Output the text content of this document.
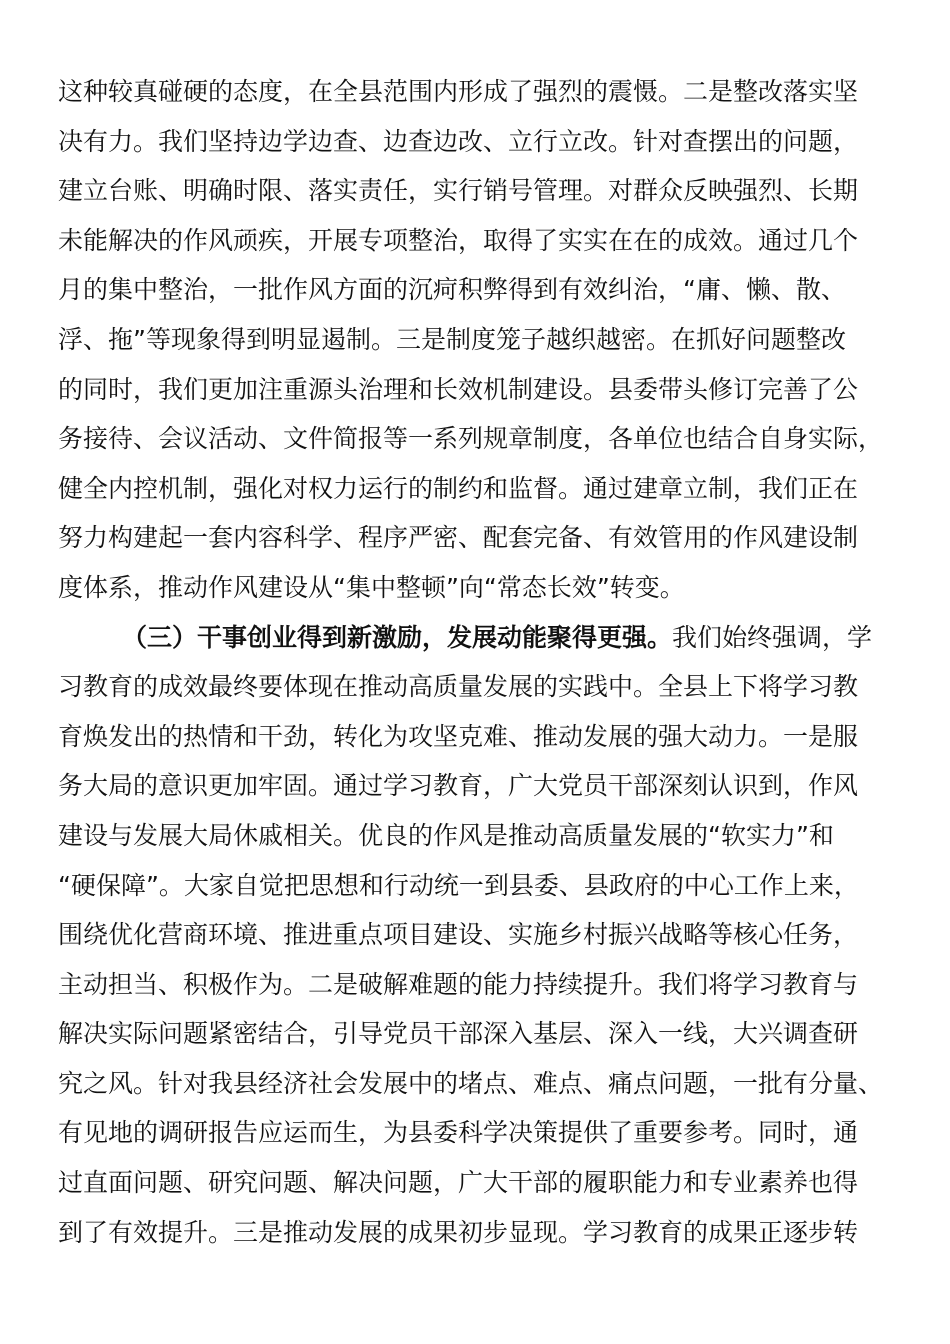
这种较真碰硬的态度，在全县范围内形成了强烈的震慑。二是整改落实坚
决有力。我们坚持边学边查、边查边改、立行立改。针对查摆出的问题，
建立台账、明确时限、落实责任，实行销号管理。对群众反映强烈、长期
未能解决的作风顽疾，开展专项整治，取得了实实在在的成效。通过几个
月的集中整治，一批作风方面的沉疴积弊得到有效纠治，“庸、懒、散、
浮、拖”等现象得到明显遏制。三是制度笼子越织越密。在抓好问题整改
的同时，我们更加注重源头治理和长效机制建设。县委带头修订完善了公
务接待、会议活动、文件简报等一系列规章制度，各单位也结合自身实际，
健全内控机制，强化对权力运行的制约和监督。通过建章立制，我们正在
努力构建起一套内容科学、程序严密、配套完备、有效管用的作风建设制
度体系，推动作风建设从“集中整顿”向“常态长效”转变。
（三）干事创业得到新激励，发展动能聚得更强。我们始终强调，学
习教育的成效最终要体现在推动高质量发展的实践中。全县上下将学习教
育焕发出的热情和干劲，转化为攻坚克难、推动发展的强大动力。一是服
务大局的意识更加牢固。通过学习教育，广大党员干部深刻认识到，作风
建设与发展大局休戚相关。优良的作风是推动高质量发展的“软实力”和
“硬保障”。大家自觉把思想和行动统一到县委、县政府的中心工作上来，
围绕优化营商环境、推进重点项目建设、实施乡村振兴战略等核心任务，
主动担当、积极作为。二是破解难题的能力持续提升。我们将学习教育与
解决实际问题紧密结合，引导党员干部深入基层、深入一线，大兴调查研
究之风。针对我县经济社会发展中的堵点、难点、痛点问题，一批有分量、
有见地的调研报告应运而生，为县委科学决策提供了重要参考。同时，通
过直面问题、研究问题、解决问题，广大干部的履职能力和专业素养也得
到了有效提升。三是推动发展的成果初步显现。学习教育的成果正逐步转
